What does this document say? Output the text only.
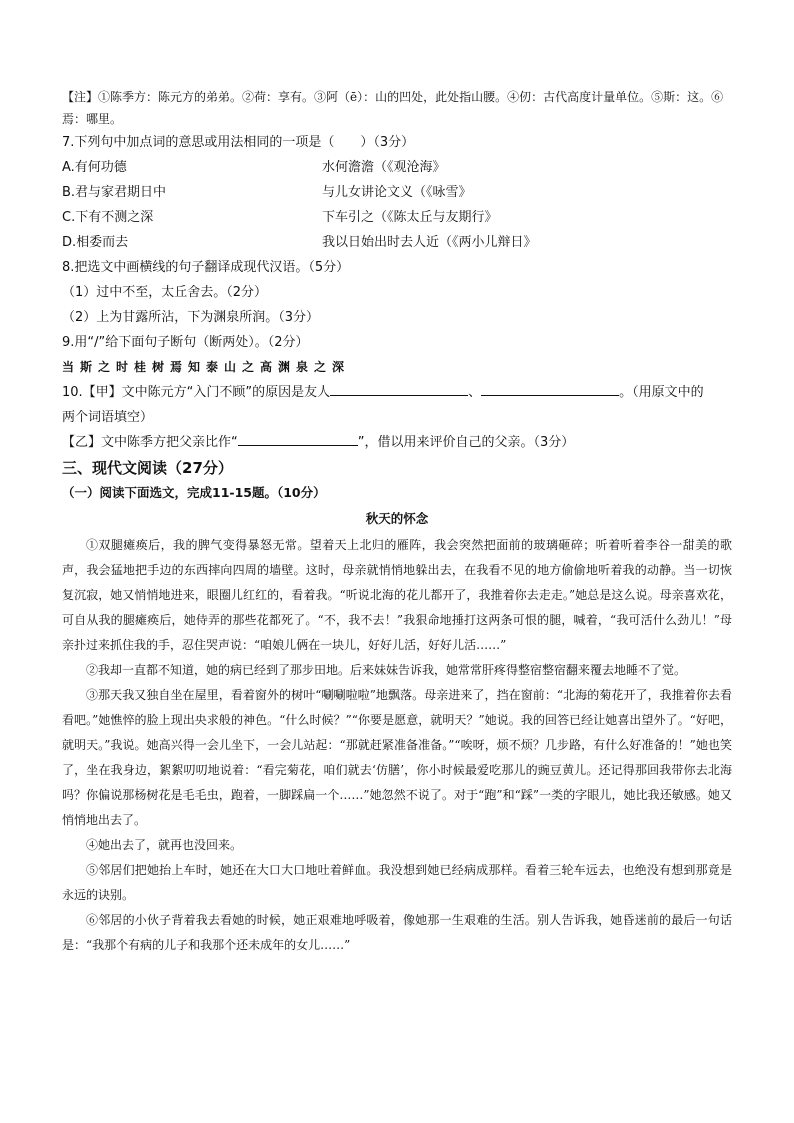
【注】①陈季方：陈元方的弟弟。②荷：享有。③阿（ē）：山的凹处，此处指山腰。④仞：古代高度计量单位。⑤斯：这。⑥焉：哪里。
7.下列句中加点词的意思或用法相同的一项是（　　）（3分）
A.有何功德	水何澹澹（《观沧海》
B.君与家君期日中	与儿女讲论文义（《咏雪》
C.下有不测之深	下车引之（《陈太丘与友期行》
D.相委而去	我以日始出时去人近（《两小儿辩日》
8.把选文中画横线的句子翻译成现代汉语。（5分）
（1）过中不至，太丘舍去。（2分）
（2）上为甘露所沾，下为渊泉所润。（3分）
9.用“/”给下面句子断句（断两处）。（2分）
当斯之时桂树焉知泰山之高渊泉之深
10.【甲】文中陈元方“入门不顾”的原因是友人	、	。（用原文中的
两个词语填空）
【乙】文中陈季方把父亲比作“	”，借以用来评价自己的父亲。（3分）
三、现代文阅读（27分）
（一）阅读下面选文，完成11-15题。（10分）
秋天的怀念

①双腿瘫痪后，我的脾气变得暴怒无常。望着天上北归的雁阵，我会突然把面前的玻璃砸碎；听着听着李谷一甜美的歌声，我会猛地把手边的东西摔向四周的墙壁。这时，母亲就悄悄地躲出去，在我看不见的地方偷偷地听着我的动静。当一切恢复沉寂，她又悄悄地进来，眼圈儿红红的，看着我。“听说北海的花儿都开了，我推着你去走走。”她总是这么说。母亲喜欢花，可自从我的腿瘫痪后，她侍弄的那些花都死了。“不，我不去！”我狠命地捶打这两条可恨的腿，喊着，“我可活什么劲儿！”母亲扑过来抓住我的手，忍住哭声说：“咱娘儿俩在一块儿，好好儿活，好好儿活……”

②我却一直都不知道，她的病已经到了那步田地。后来妹妹告诉我，她常常肝疼得整宿整宿翻来覆去地睡不了觉。

③那天我又独自坐在屋里，看着窗外的树叶“唰唰啦啦”地飘落。母亲进来了，挡在窗前：“北海的菊花开了，我推着你去看看吧。”她憔悴的脸上现出央求般的神色。“什么时候？”“你要是愿意，就明天？”她说。我的回答已经让她喜出望外了。“好吧，就明天。”我说。她高兴得一会儿坐下，一会儿站起：“那就赶紧准备准备。”“唉呀，烦不烦？几步路，有什么好准备的！”她也笑了，坐在我身边，絮絮叨叨地说着：“看完菊花，咱们就去‘仿膳’，你小时候最爱吃那儿的豌豆黄儿。还记得那回我带你去北海吗？你偏说那杨树花是毛毛虫，跑着，一脚踩扁一个……”她忽然不说了。对于“跑”和“踩”一类的字眼儿，她比我还敏感。她又悄悄地出去了。

④她出去了，就再也没回来。

⑤邻居们把她抬上车时，她还在大口大口地吐着鲜血。我没想到她已经病成那样。看着三轮车远去，也绝没有想到那竟是永远的诀别。

⑥邻居的小伙子背着我去看她的时候，她正艰难地呼吸着，像她那一生艰难的生活。别人告诉我，她昏迷前的最后一句话是：“我那个有病的儿子和我那个还未成年的女儿……”
